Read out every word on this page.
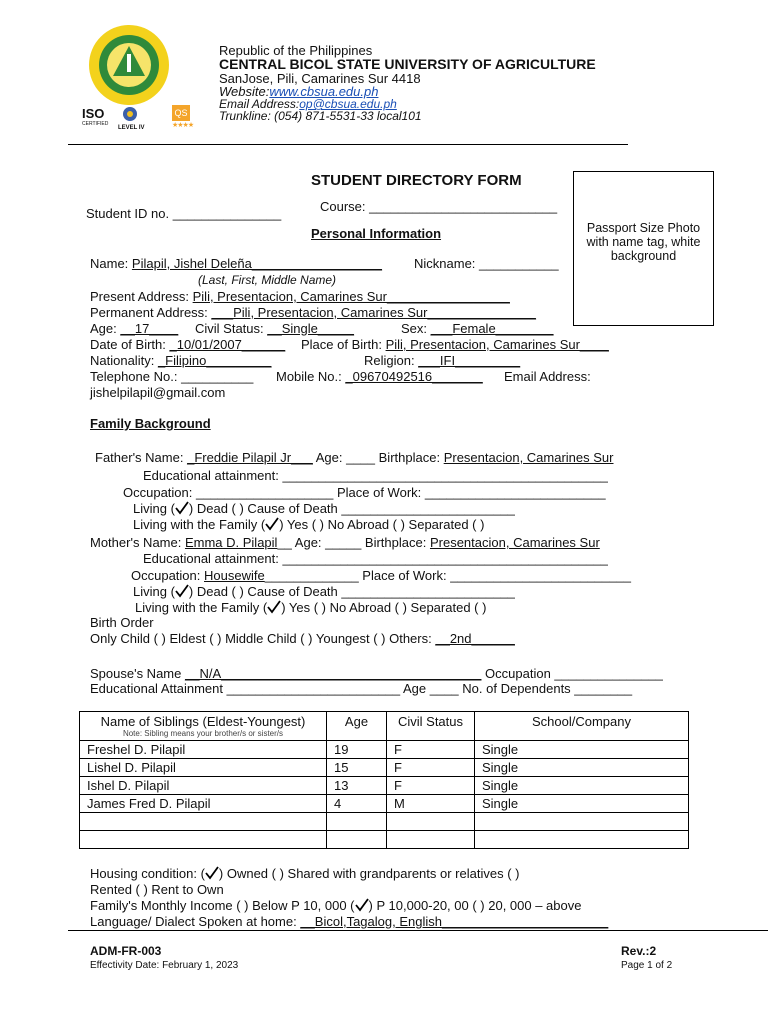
ISO
CERTIFIED
LEVEL IV
QS
★★★★
Republic of the Philippines
CENTRAL BICOL STATE UNIVERSITY OF AGRICULTURE
SanJose, Pili, Camarines Sur 4418
Website:www.cbsua.edu.ph
Email Address:op@cbsua.edu.ph
Trunkline: (054) 871-5531-33 local101
STUDENT DIRECTORY FORM
Course: __________________________
Student ID no. _______________
Personal Information	Passport Size Photo with name tag, white background
Name: Pilapil, Jishel Deleña__________________ Nickname: ___________
(Last, First, Middle Name)
Present Address: Pili, Presentacion, Camarines Sur_________________
Permanent Address: ___Pili, Presentacion, Camarines Sur_______________
Age: __17____ Civil Status: __Single_____	Sex: ___Female________
Date of Birth: _10/01/2007______ Place of Birth: Pili, Presentacion, Camarines Sur____
Nationality: _Filipino_________	Religion: ___IFI_________
Telephone No.: __________ Mobile No.: _09670492516_______ Email Address:
jishelpilapil@gmail.com
Family Background
Father's Name: _Freddie Pilapil Jr___ Age: ____ Birthplace: Presentacion, Camarines Sur
Educational attainment: _____________________________________________
Occupation: ___________________ Place of Work: _________________________
Living ( ) Dead ( ) Cause of Death ________________________
Living with the Family ( ) Yes ( ) No Abroad ( ) Separated ( )
Mother's Name: Emma D. Pilapil__ Age: _____ Birthplace: Presentacion, Camarines Sur
Educational attainment: _____________________________________________
Occupation: Housewife_____________ Place of Work: _________________________
Living ( ) Dead ( ) Cause of Death ________________________
Living with the Family ( ) Yes ( ) No Abroad ( ) Separated ( )
Birth Order
Only Child ( ) Eldest ( ) Middle Child ( ) Youngest ( ) Others: __2nd______
Spouse's Name __N/A____________________________________ Occupation _______________
Educational Attainment ________________________ Age ____ No. of Dependents ________
Name of Siblings (Eldest-Youngest)
Note: Sibling means your brother/s or sister/s	Age	Civil Status	School/Company
Freshel D. Pilapil	19	F	Single
Lishel D. Pilapil	15	F	Single
Ishel D. Pilapil	13	F	Single
James Fred D. Pilapil	4	M	Single

Housing condition: ( ) Owned ( ) Shared with grandparents or relatives ( )
Rented ( ) Rent to Own
Family's Monthly Income ( ) Below P 10, 000 ( ) P 10,000-20, 00 ( ) 20, 000 – above
Language/ Dialect Spoken at home: __Bicol,Tagalog, English_______________________
ADM-FR-003
Effectivity Date: February 1, 2023
Rev.:2
Page 1 of 2
